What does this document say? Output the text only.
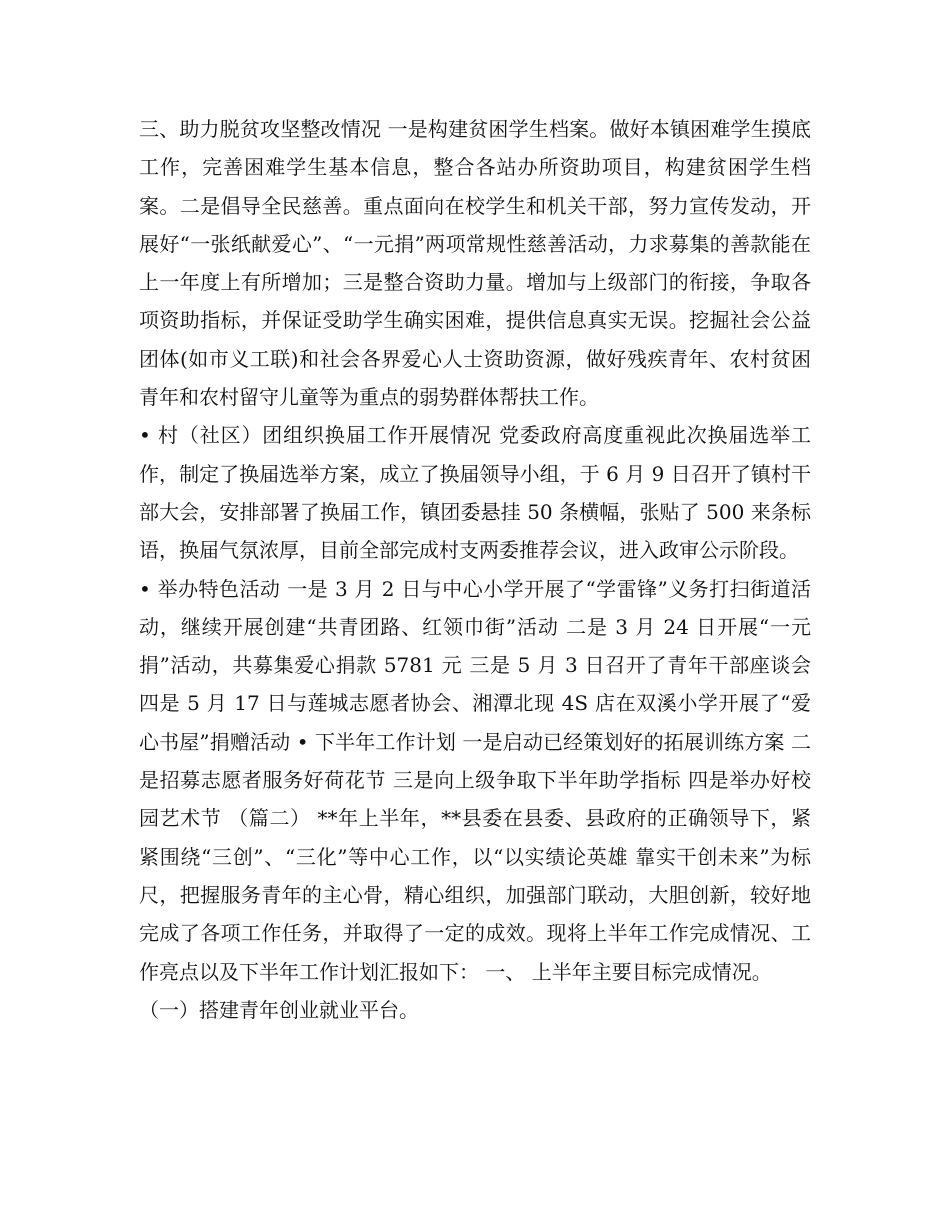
三、助力脱贫攻坚整改情况 一是构建贫困学生档案。做好本镇困难学生摸底工作，完善困难学生基本信息，整合各站办所资助项目，构建贫困学生档案。二是倡导全民慈善。重点面向在校学生和机关干部，努力宣传发动，开展好“一张纸献爱心”、“一元捐”两项常规性慈善活动，力求募集的善款能在上一年度上有所增加；三是整合资助力量。增加与上级部门的衔接，争取各项资助指标，并保证受助学生确实困难，提供信息真实无误。挖掘社会公益团体(如市义工联)和社会各界爱心人士资助资源，做好残疾青年、农村贫困青年和农村留守儿童等为重点的弱势群体帮扶工作。

• 村（社区）团组织换届工作开展情况 党委政府高度重视此次换届选举工作，制定了换届选举方案，成立了换届领导小组，于 6 月 9 日召开了镇村干部大会，安排部署了换届工作，镇团委悬挂 50 条横幅，张贴了 500 来条标语，换届气氛浓厚，目前全部完成村支两委推荐会议，进入政审公示阶段。

• 举办特色活动 一是 3 月 2 日与中心小学开展了“学雷锋”义务打扫街道活动，继续开展创建“共青团路、红领巾街”活动 二是 3 月 24 日开展“一元捐”活动，共募集爱心捐款 5781 元 三是 5 月 3 日召开了青年干部座谈会 四是 5 月 17 日与莲城志愿者协会、湘潭北现 4S 店在双溪小学开展了“爱心书屋”捐赠活动 • 下半年工作计划 一是启动已经策划好的拓展训练方案 二是招募志愿者服务好荷花节 三是向上级争取下半年助学指标 四是举办好校园艺术节 （篇二） **年上半年，**县委在县委、县政府的正确领导下，紧紧围绕“三创”、“三化”等中心工作，以“以实绩论英雄 靠实干创未来”为标尺，把握服务青年的主心骨，精心组织，加强部门联动，大胆创新，较好地完成了各项工作任务，并取得了一定的成效。现将上半年工作完成情况、工作亮点以及下半年工作计划汇报如下： 一、 上半年主要目标完成情况。

（一）搭建青年创业就业平台。
